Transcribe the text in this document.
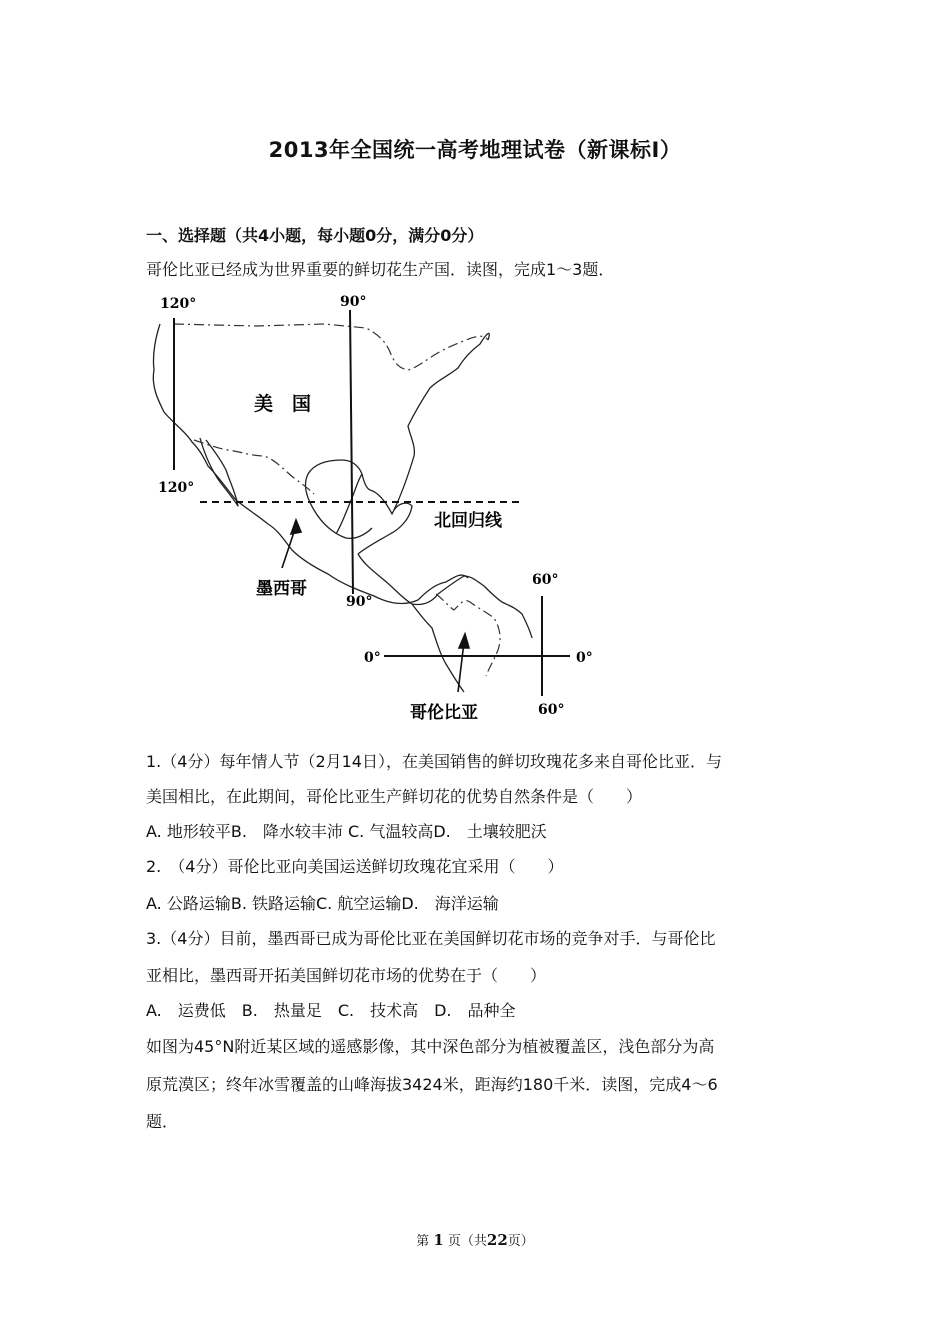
2013年全国统一高考地理试卷（新课标Ⅰ）
一、选择题（共4小题，每小题0分，满分0分）
哥伦比亚已经成为世界重要的鲜切花生产国．读图，完成1～3题．
美　国
北回归线
墨西哥
哥伦比亚
120°
120°
90°
90°
60°
60°
0°	0°
1.（4分）每年情人节（2月14日），在美国销售的鲜切玫瑰花多来自哥伦比亚．与
美国相比，在此期间，哥伦比亚生产鲜切花的优势自然条件是（　　）
A. 地形较平B.　降水较丰沛 C. 气温较高D.　土壤较肥沃
2.　（4分）哥伦比亚向美国运送鲜切玫瑰花宜采用（　　）
A. 公路运输B. 铁路运输C. 航空运输D.　海洋运输
3.（4分）目前，墨西哥已成为哥伦比亚在美国鲜切花市场的竞争对手．与哥伦比
亚相比，墨西哥开拓美国鲜切花市场的优势在于（　　）
A.　运费低　B.　热量足　C.　技术高　D.　品种全
如图为45°N附近某区域的遥感影像，其中深色部分为植被覆盖区，浅色部分为高
原荒漠区；终年冰雪覆盖的山峰海拔3424米，距海约180千米．读图，完成4～6
题．
第 1 页（共22页）
